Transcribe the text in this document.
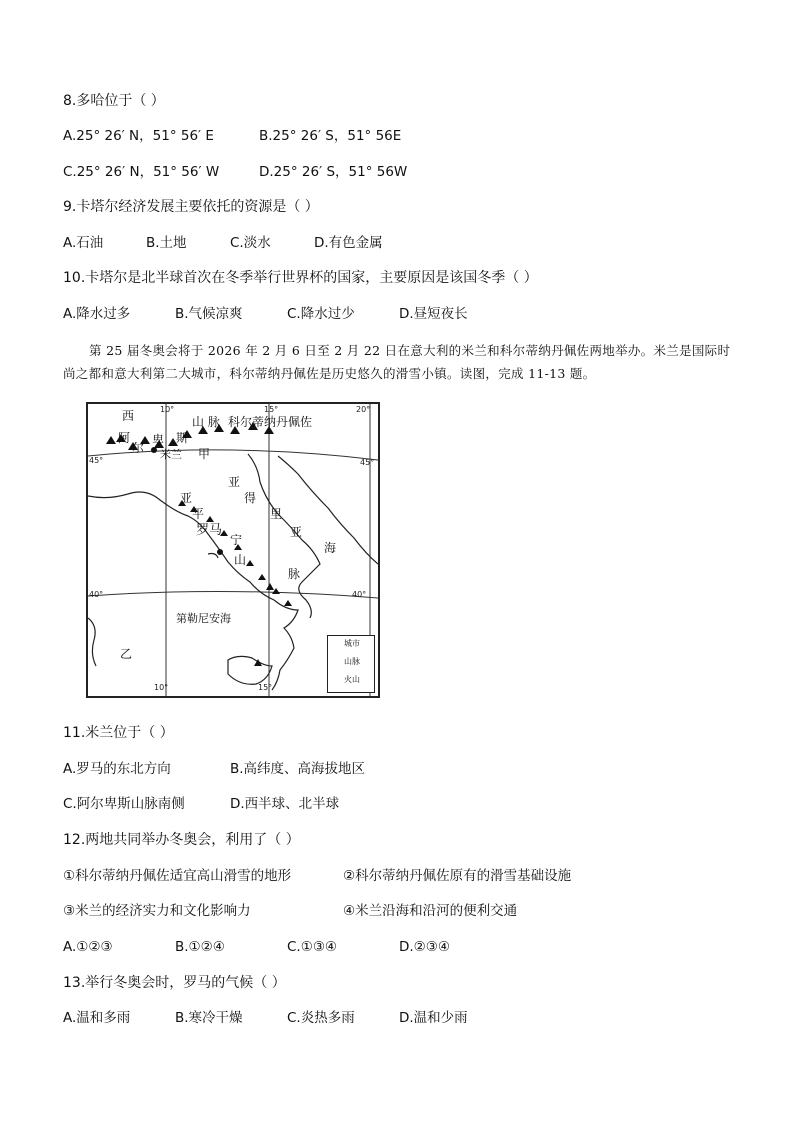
8.多哈位于（ ）
A.25° 26′ N，51° 56′ E	B.25° 26′ S，51° 56E
C.25° 26′ N，51° 56′ W	D.25° 26′ S，51° 56W
9.卡塔尔经济发展主要依托的资源是（ ）
A.石油	B.土地	C.淡水	D.有色金属
10.卡塔尔是北半球首次在冬季举行世界杯的国家，主要原因是该国冬季（ ）
A.降水过多	B.气候凉爽	C.降水过少	D.昼短夜长
第 25 届冬奥会将于 2026 年 2 月 6 日至 2 月 22 日在意大利的米兰和科尔蒂纳丹佩佐两地举办。米兰是国际时尚之都和意大利第二大城市，科尔蒂纳丹佩佐是历史悠久的滑雪小镇。读图，完成 11-13 题。
西
阿
尔
卑 斯
山 脉
甲
科尔蒂纳丹佩佐
米兰
亚
得
亚
平	里
亚
罗马
宁
海
山
脉
第勒尼安海
乙
10°	15°	20°
45°	45°
40°	40°
10°	15°
城市
山脉
火山
11.米兰位于（ ）
A.罗马的东北方向	B.高纬度、高海拔地区
C.阿尔卑斯山脉南侧	D.西半球、北半球
12.两地共同举办冬奥会，利用了（ ）
①科尔蒂纳丹佩佐适宜高山滑雪的地形	②科尔蒂纳丹佩佐原有的滑雪基础设施
③米兰的经济实力和文化影响力	④米兰沿海和沿河的便利交通
A.①②③	B.①②④	C.①③④	D.②③④
13.举行冬奥会时，罗马的气候（ ）
A.温和多雨	B.寒冷干燥	C.炎热多雨	D.温和少雨
